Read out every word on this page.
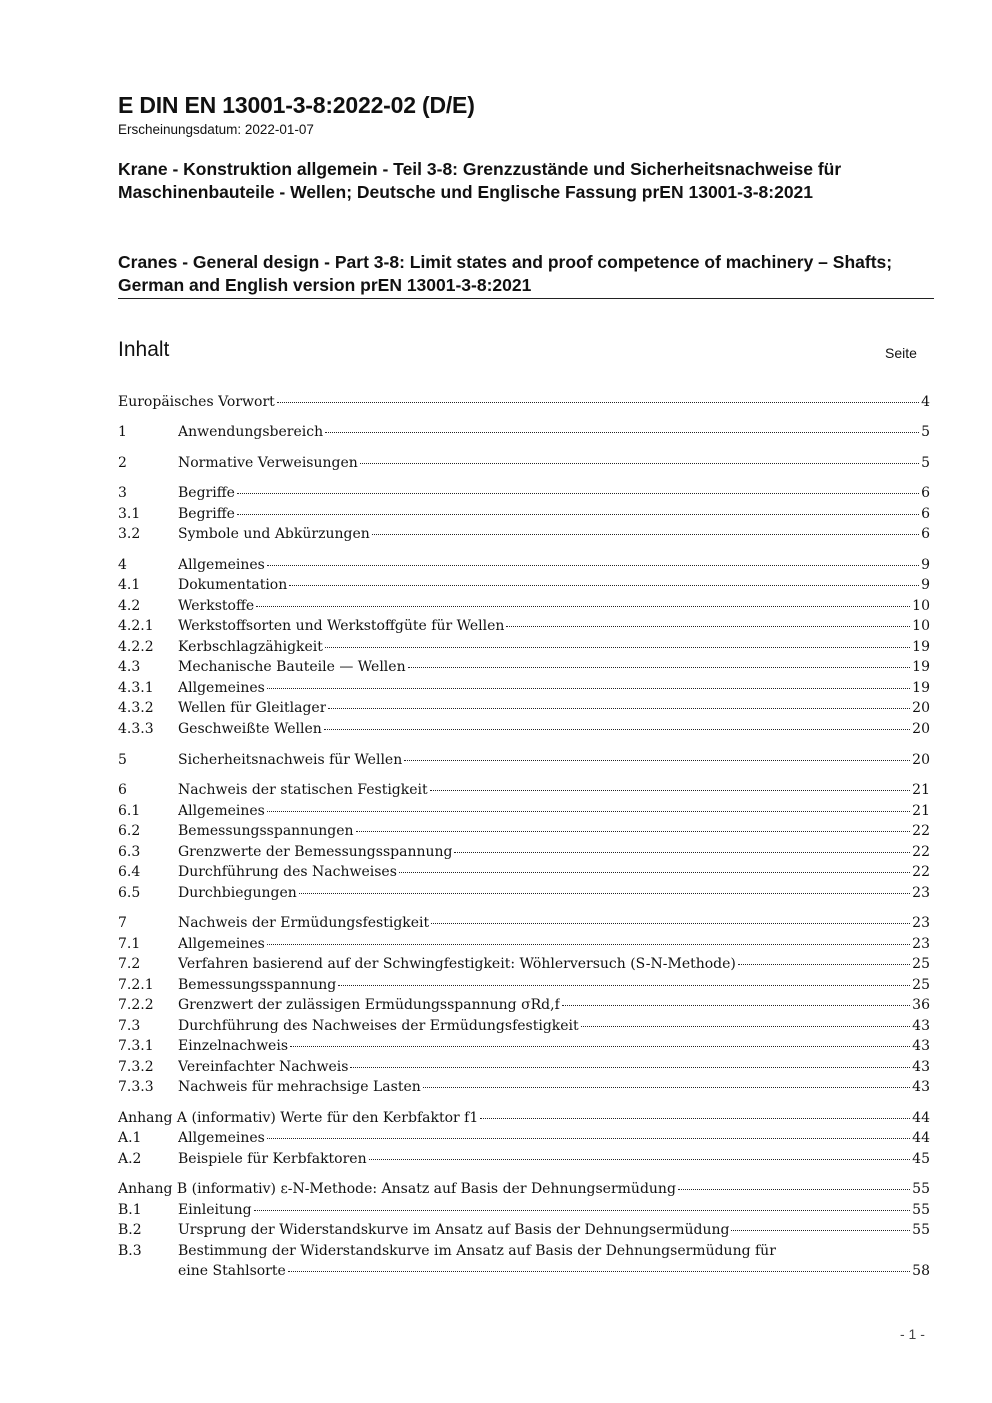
E DIN EN 13001-3-8:2022-02 (D/E)
Erscheinungsdatum: 2022-01-07
Krane - Konstruktion allgemein - Teil 3-8: Grenzzustände und Sicherheitsnachweise für Maschinenbauteile - Wellen; Deutsche und Englische Fassung prEN 13001-3-8:2021
Cranes - General design - Part 3-8: Limit states and proof competence of machinery – Shafts; German and English version prEN 13001-3-8:2021
Inhalt	Seite
Europäisches Vorwort	4
1	Anwendungsbereich	5
2	Normative Verweisungen	5
3	Begriffe	6
3.1	Begriffe	6
3.2	Symbole und Abkürzungen	6
4	Allgemeines	9
4.1	Dokumentation	9
4.2	Werkstoffe	10
4.2.1	Werkstoffsorten und Werkstoffgüte für Wellen	10
4.2.2	Kerbschlagzähigkeit	19
4.3	Mechanische Bauteile — Wellen	19
4.3.1	Allgemeines	19
4.3.2	Wellen für Gleitlager	20
4.3.3	Geschweißte Wellen	20
5	Sicherheitsnachweis für Wellen	20
6	Nachweis der statischen Festigkeit	21
6.1	Allgemeines	21
6.2	Bemessungsspannungen	22
6.3	Grenzwerte der Bemessungsspannung	22
6.4	Durchführung des Nachweises	22
6.5	Durchbiegungen	23
7	Nachweis der Ermüdungsfestigkeit	23
7.1	Allgemeines	23
7.2	Verfahren basierend auf der Schwingfestigkeit: Wöhlerversuch (S-N-Methode)	25
7.2.1	Bemessungsspannung	25
7.2.2	Grenzwert der zulässigen Ermüdungsspannung σRd,f	36
7.3	Durchführung des Nachweises der Ermüdungsfestigkeit	43
7.3.1	Einzelnachweis	43
7.3.2	Vereinfachter Nachweis	43
7.3.3	Nachweis für mehrachsige Lasten	43
Anhang A (informativ) Werte für den Kerbfaktor f1	44
A.1	Allgemeines	44
A.2	Beispiele für Kerbfaktoren	45
Anhang B (informativ) ε-N-Methode: Ansatz auf Basis der Dehnungsermüdung	55
B.1	Einleitung	55
B.2	Ursprung der Widerstandskurve im Ansatz auf Basis der Dehnungsermüdung	55
B.3	Bestimmung der Widerstandskurve im Ansatz auf Basis der Dehnungsermüdung für
eine Stahlsorte	58
- 1 -
